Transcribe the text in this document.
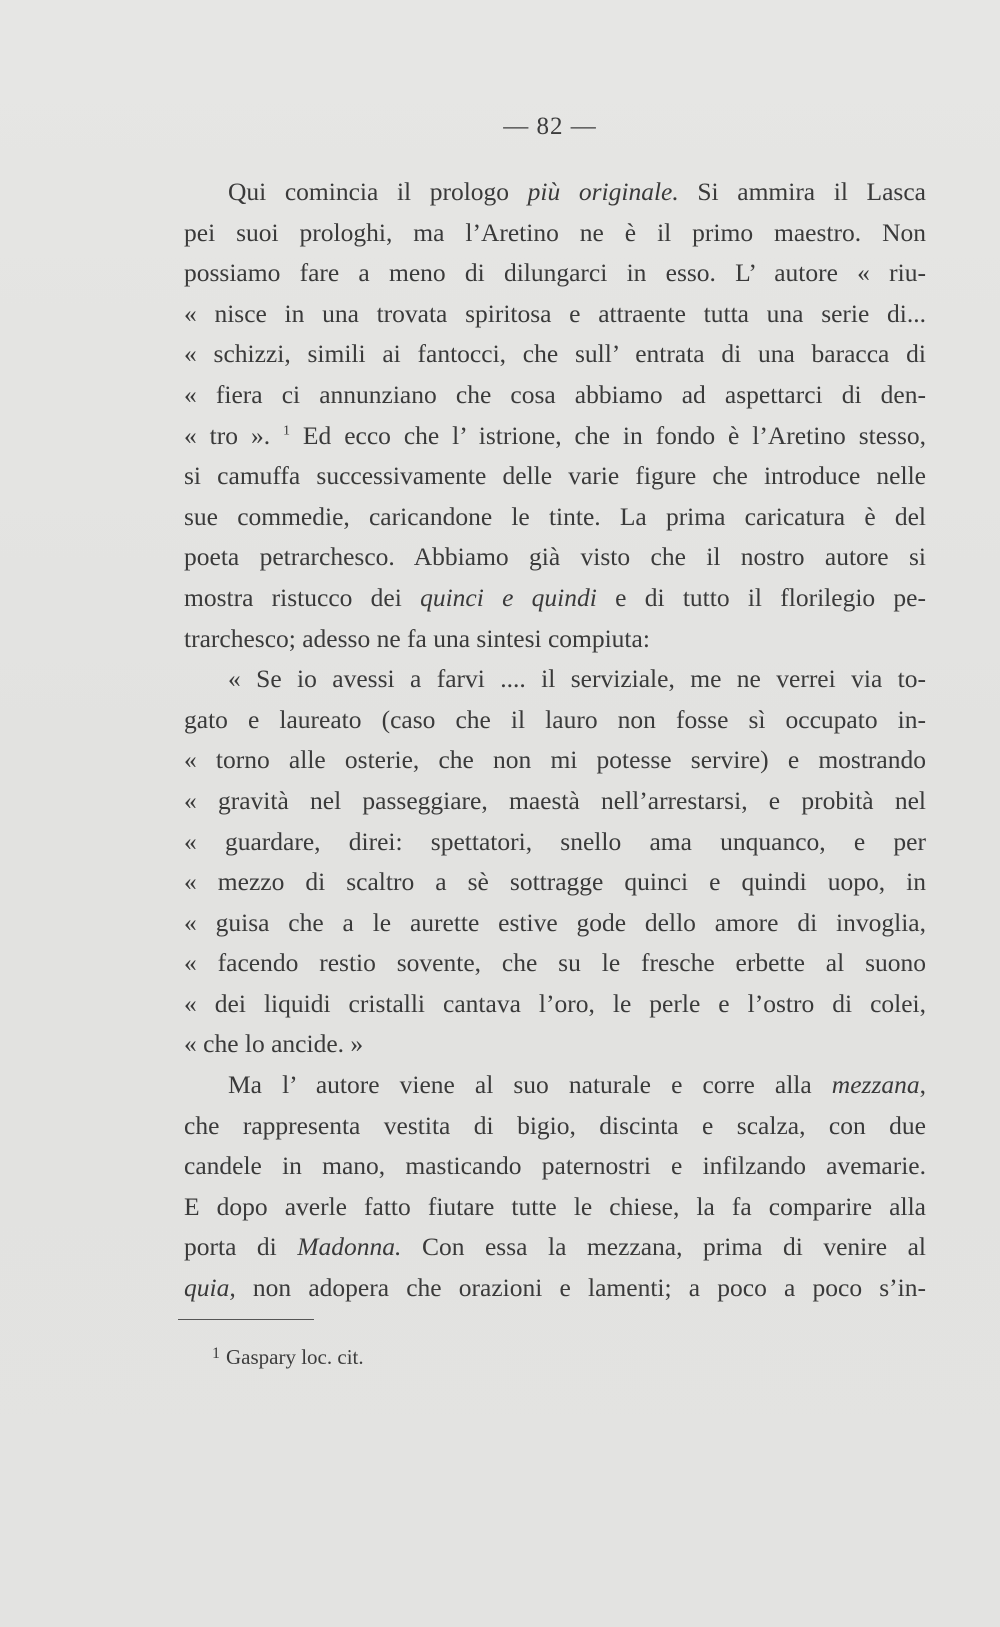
— 82 —
Qui comincia il prologo più originale. Si ammira il Lasca
pei suoi prologhi, ma l’Aretino ne è il primo maestro. Non
possiamo fare a meno di dilungarci in esso. L’ autore « riu-
« nisce in una trovata spiritosa e attraente tutta una serie di...
« schizzi, simili ai fantocci, che sull’ entrata di una baracca di
« fiera ci annunziano che cosa abbiamo ad aspettarci di den-
« tro ». $^1$ Ed ecco che l’ istrione, che in fondo è l’Aretino stesso,
si camuffa successivamente delle varie figure che introduce nelle
sue commedie, caricandone le tinte. La prima caricatura è del
poeta petrarchesco. Abbiamo già visto che il nostro autore si
mostra ristucco dei quinci e quindi e di tutto il florilegio pe-
trarchesco; adesso ne fa una sintesi compiuta:
« Se io avessi a farvi .... il serviziale, me ne verrei via to-
gato e laureato (caso che il lauro non fosse sì occupato in-
« torno alle osterie, che non mi potesse servire) e mostrando
« gravità nel passeggiare, maestà nell’arrestarsi, e probità nel
« guardare, direi: spettatori, snello ama unquanco, e per
« mezzo di scaltro a sè sottragge quinci e quindi uopo, in
« guisa che a le aurette estive gode dello amore di invoglia,
« facendo restio sovente, che su le fresche erbette al suono
« dei liquidi cristalli cantava l’oro, le perle e l’ostro di colei,
« che lo ancide. »
Ma l’ autore viene al suo naturale e corre alla mezzana,
che rappresenta vestita di bigio, discinta e scalza, con due
candele in mano, masticando paternostri e infilzando avemarie.
E dopo averle fatto fiutare tutte le chiese, la fa comparire alla
porta di Madonna. Con essa la mezzana, prima di venire al
quia, non adopera che orazioni e lamenti; a poco a poco s’in-
$^1$ Gaspary loc. cit.
